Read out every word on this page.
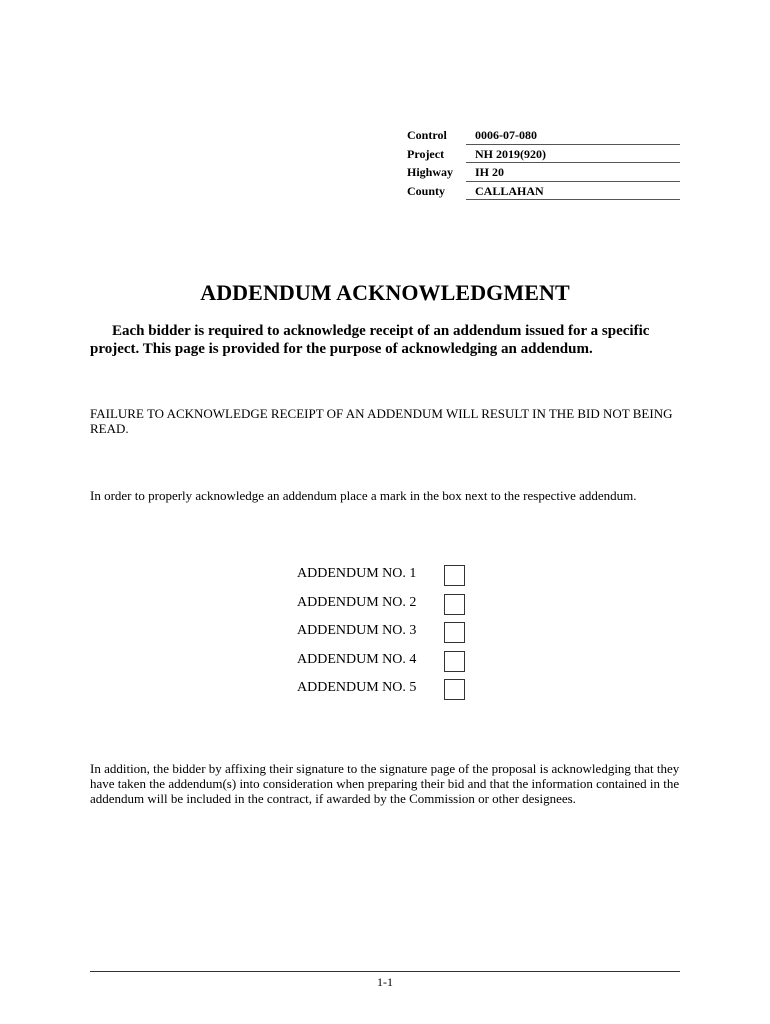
Control	0006-07-080
Project	NH 2019(920)
Highway	IH 20
County	CALLAHAN
ADDENDUM ACKNOWLEDGMENT
Each bidder is required to acknowledge receipt of an addendum issued for a specific project. This page is provided for the purpose of acknowledging an addendum.
FAILURE TO ACKNOWLEDGE RECEIPT OF AN ADDENDUM WILL RESULT IN THE BID NOT BEING READ.
In order to properly acknowledge an addendum place a mark in the box next to the respective addendum.
ADDENDUM NO. 1
ADDENDUM NO. 2
ADDENDUM NO. 3
ADDENDUM NO. 4
ADDENDUM NO. 5
In addition, the bidder by affixing their signature to the signature page of the proposal is acknowledging that they have taken the addendum(s) into consideration when preparing their bid and that the information contained in the addendum will be included in the contract, if awarded by the Commission or other designees.
1-1
